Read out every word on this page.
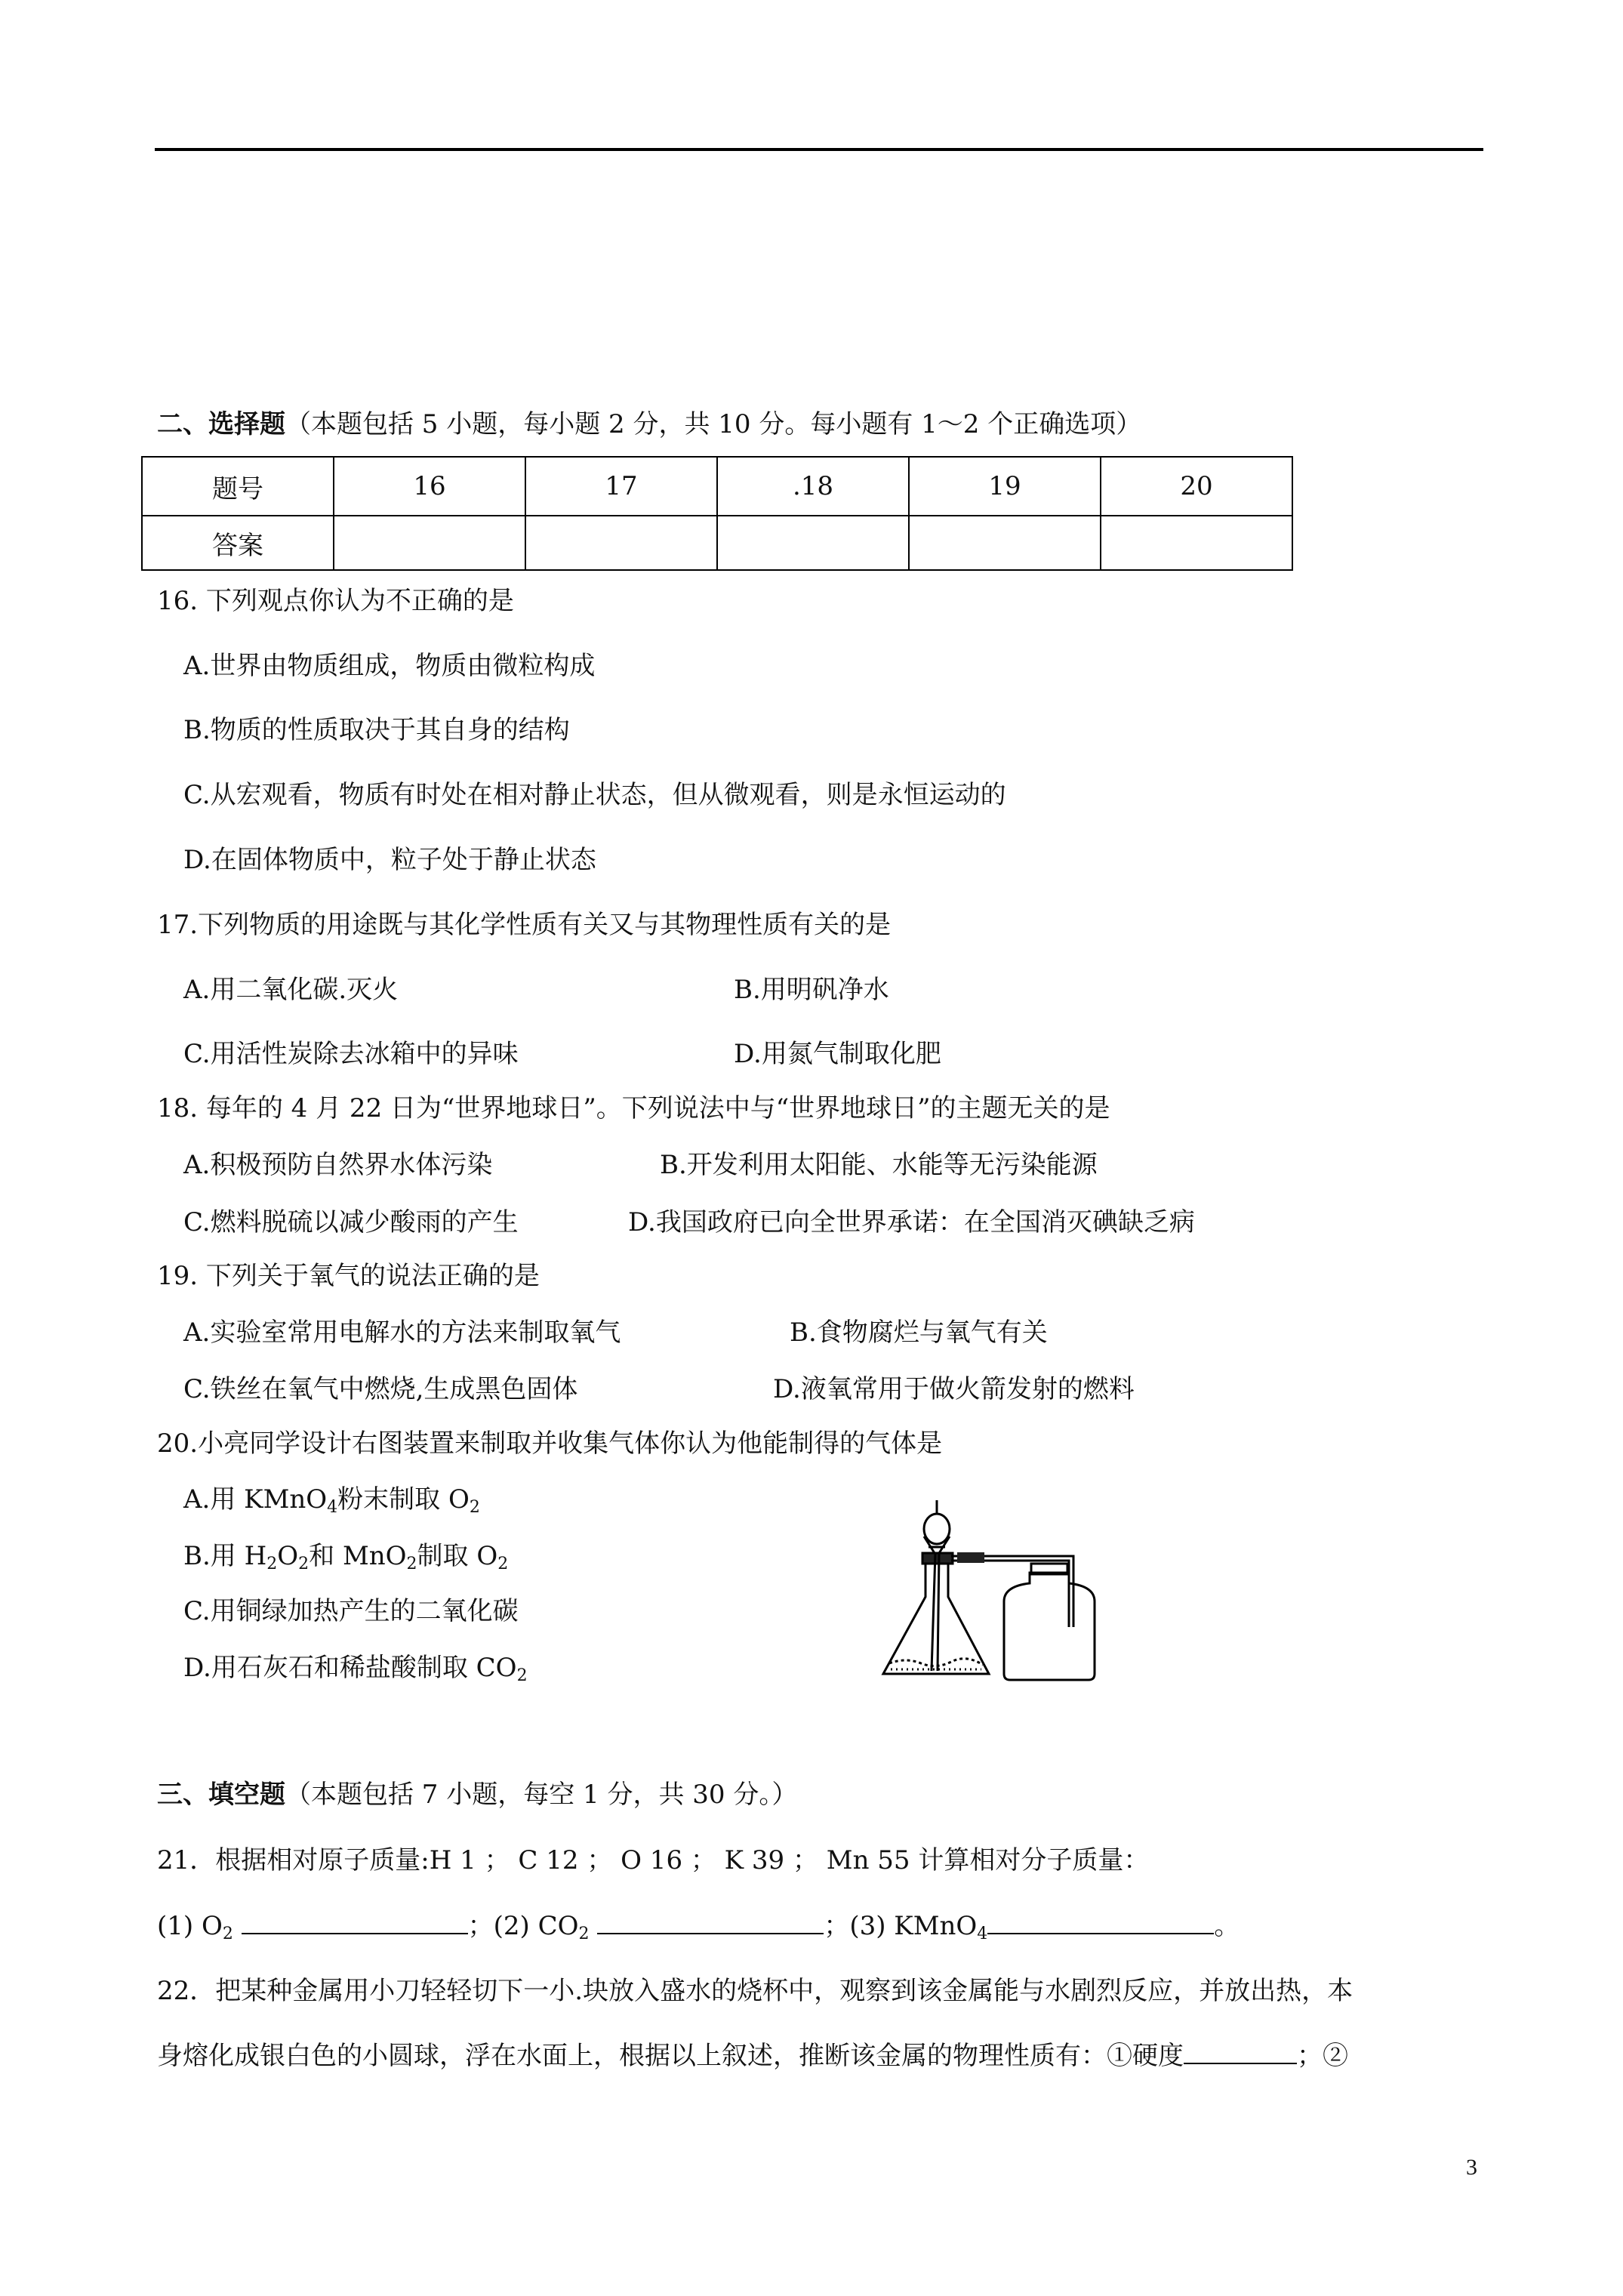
二、选择题（本题包括 5 小题，每小题 2 分，共 10 分。每小题有 1～2 个正确选项）
题号	16	17	.18	19	20
答案					
16. 下列观点你认为不正确的是
A.世界由物质组成，物质由微粒构成
B.物质的性质取决于其自身的结构
C.从宏观看，物质有时处在相对静止状态，但从微观看，则是永恒运动的
D.在固体物质中，粒子处于静止状态
17.下列物质的用途既与其化学性质有关又与其物理性质有关的是
A.用二氧化碳.灭火	B.用明矾净水
C.用活性炭除去冰箱中的异味	D.用氮气制取化肥
18. 每年的 4 月 22 日为“世界地球日”。下列说法中与“世界地球日”的主题无关的是
A.积极预防自然界水体污染	B.开发利用太阳能、水能等无污染能源
C.燃料脱硫以减少酸雨的产生	D.我国政府已向全世界承诺：在全国消灭碘缺乏病
19. 下列关于氧气的说法正确的是
A.实验室常用电解水的方法来制取氧气	B.食物腐烂与氧气有关
C.铁丝在氧气中燃烧,生成黑色固体	D.液氧常用于做火箭发射的燃料
20.小亮同学设计右图装置来制取并收集气体你认为他能制得的气体是
A.用 KMnO$_4$粉末制取 $O_2$
B.用 $H_2O_2$和 MnO$_2$制取 $O_2$
C.用铜绿加热产生的二氧化碳
D.用石灰石和稀盐酸制取 $CO_2$
三、填空题（本题包括 7 小题，每空 1 分，共 30 分。）
21．根据相对原子质量:H 1 ； C 12 ； O 16 ； K 39 ； Mn 55 计算相对分子质量：
(1) $O_2$	；(2) $CO_2$	；(3) KMnO$_4$	。
22．把某种金属用小刀轻轻切下一小.块放入盛水的烧杯中，观察到该金属能与水剧烈反应，并放出热，本
身熔化成银白色的小圆球，浮在水面上，根据以上叙述，推断该金属的物理性质有：①硬度	；②
3
